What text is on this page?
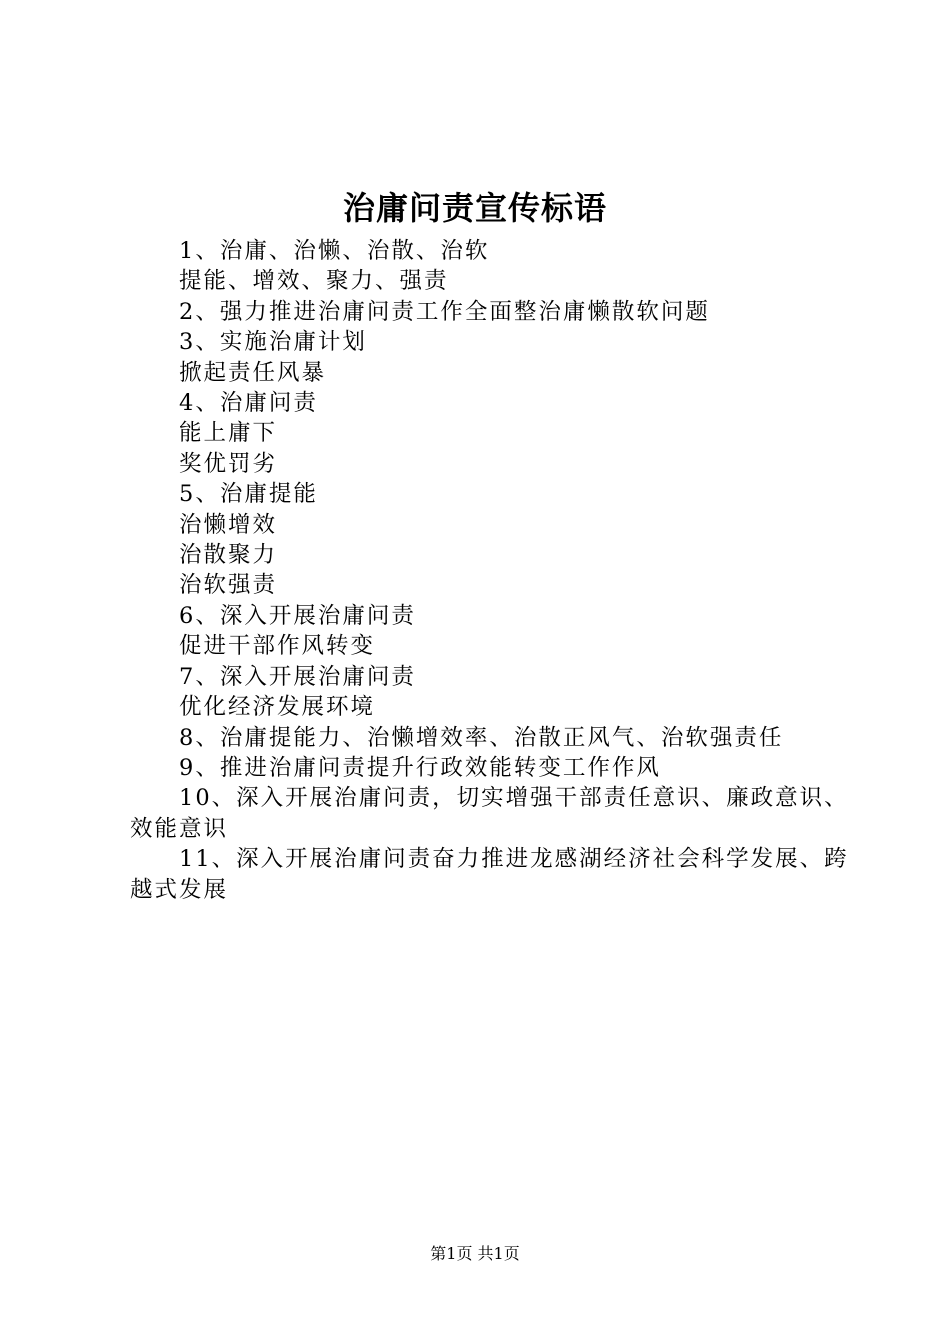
治庸问责宣传标语
1、治庸、治懒、治散、治软
提能、增效、聚力、强责
2、强力推进治庸问责工作全面整治庸懒散软问题
3、实施治庸计划
掀起责任风暴
4、治庸问责
能上庸下
奖优罚劣
5、治庸提能
治懒增效
治散聚力
治软强责
6、深入开展治庸问责
促进干部作风转变
7、深入开展治庸问责
优化经济发展环境
8、治庸提能力、治懒增效率、治散正风气、治软强责任
9、推进治庸问责提升行政效能转变工作作风
10、深入开展治庸问责，切实增强干部责任意识、廉政意识、效能意识
11、深入开展治庸问责奋力推进龙感湖经济社会科学发展、跨越式发展
第1页 共1页
